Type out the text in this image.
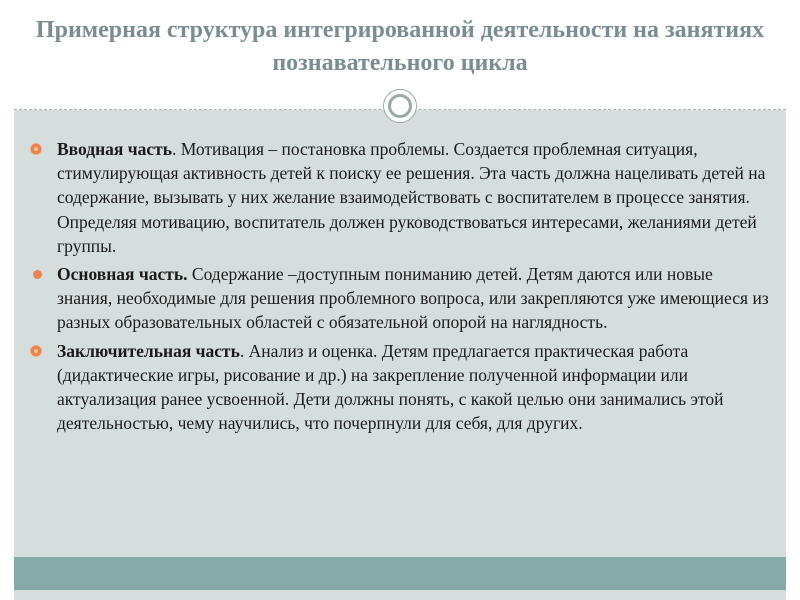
Примерная структура интегрированной деятельности на занятиях познавательного цикла

Вводная часть. Мотивация – постановка проблемы. Создается проблемная ситуация, стимулирующая активность детей к поиску ее решения. Эта часть должна нацеливать детей на содержание, вызывать у них желание взаимодействовать с воспитателем в процессе занятия. Определяя мотивацию, воспитатель должен руководствоваться интересами, желаниями детей группы.

Основная часть. Содержание –доступным пониманию детей. Детям даются или новые знания, необходимые для решения проблемного вопроса, или закрепляются уже имеющиеся из разных образовательных областей с обязательной опорой на наглядность.

Заключительная часть. Анализ и оценка. Детям предлагается практическая работа (дидактические игры, рисование и др.) на закрепление полученной информации или актуализация ранее усвоенной. Дети должны понять, с какой целью они занимались этой деятельностью, чему научились, что почерпнули для себя, для других.
